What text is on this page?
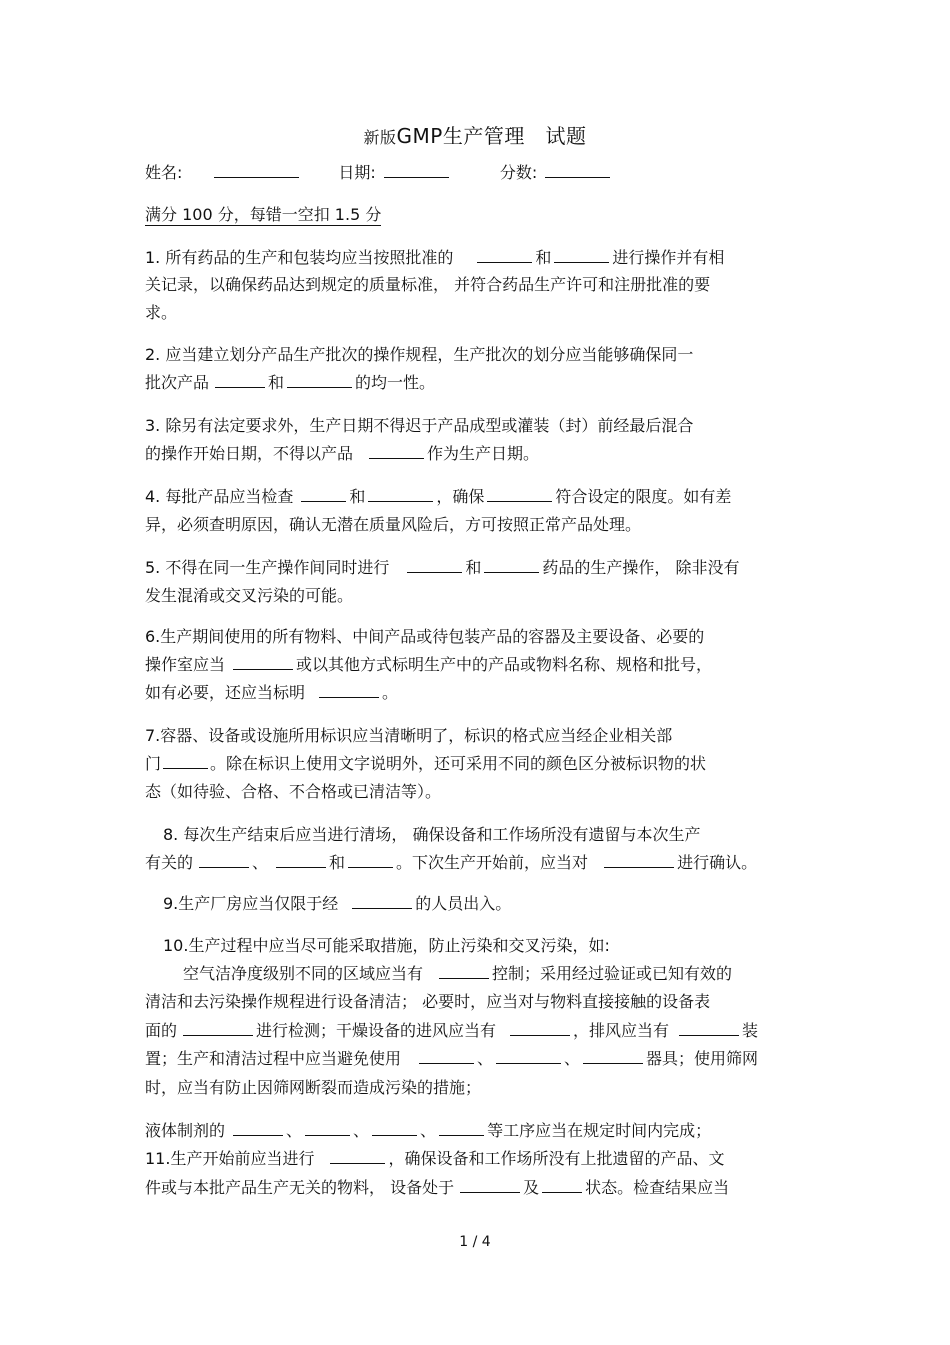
新版GMP生产管理 试题
姓名:	日期:	分数:
满分 100 分，每错一空扣 1.5 分
1. 所有药品的生产和包装均应当按照批准的	和	进行操作并有相
关记录，以确保药品达到规定的质量标准， 并符合药品生产许可和注册批准的要
求。
2. 应当建立划分产品生产批次的操作规程，生产批次的划分应当能够确保同一
批次产品	和	的均一性。
3. 除另有法定要求外，生产日期不得迟于产品成型或灌装（封）前经最后混合
的操作开始日期，不得以产品	作为生产日期。
4. 每批产品应当检查	和	，确保	符合设定的限度。如有差
异，必须查明原因，确认无潜在质量风险后，方可按照正常产品处理。
5. 不得在同一生产操作间同时进行	和	药品的生产操作， 除非没有
发生混淆或交叉污染的可能。
6.生产期间使用的所有物料、中间产品或待包装产品的容器及主要设备、必要的
操作室应当	或以其他方式标明生产中的产品或物料名称、规格和批号，
如有必要，还应当标明	。
7.容器、设备或设施所用标识应当清晰明了，标识的格式应当经企业相关部
门	。除在标识上使用文字说明外，还可采用不同的颜色区分被标识物的状
态（如待验、合格、不合格或已清洁等）。
8. 每次生产结束后应当进行清场， 确保设备和工作场所没有遗留与本次生产
有关的	、	和	。下次生产开始前，应当对	进行确认。
9.生产厂房应当仅限于经	的人员出入。
10.生产过程中应当尽可能采取措施，防止污染和交叉污染，如:
空气洁净度级别不同的区域应当有	控制；采用经过验证或已知有效的
清洁和去污染操作规程进行设备清洁； 必要时，应当对与物料直接接触的设备表
面的	进行检测；干燥设备的进风应当有	，排风应当有	装
置；生产和清洁过程中应当避免使用	、	、	器具；使用筛网
时，应当有防止因筛网断裂而造成污染的措施；
液体制剂的	、	、	、	等工序应当在规定时间内完成；
11.生产开始前应当进行	，确保设备和工作场所没有上批遗留的产品、文
件或与本批产品生产无关的物料， 设备处于	及	状态。检查结果应当
1 / 4
